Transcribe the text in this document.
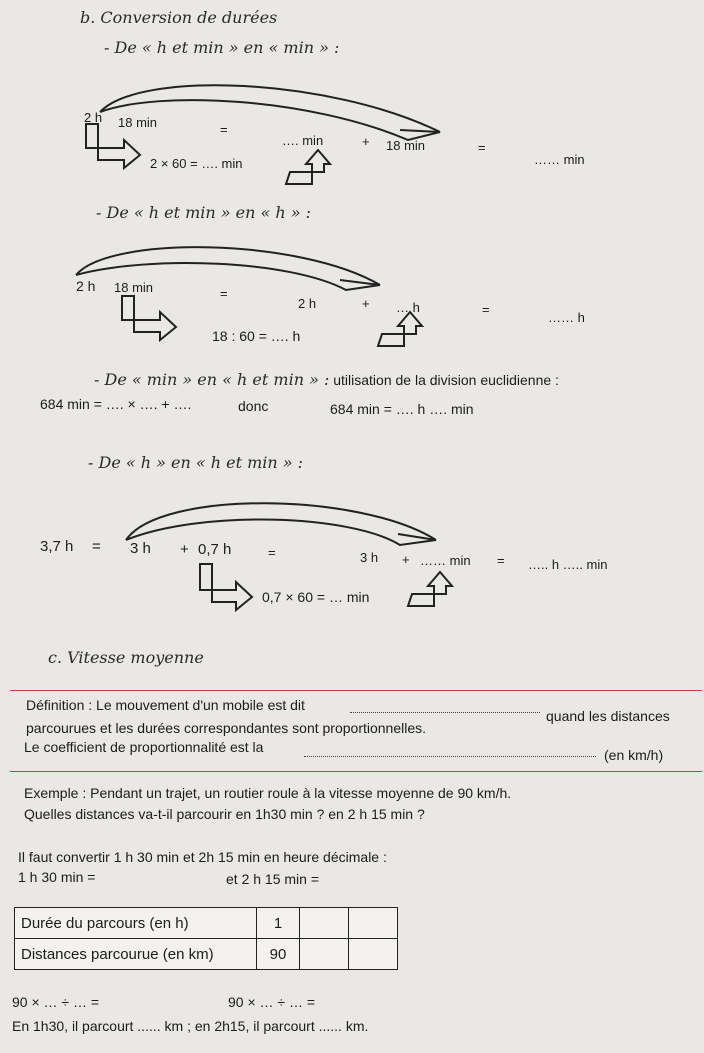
b. Conversion de durées
- De « h et min » en « min » :
2 h 18 min	=
…. min	+ 18 min	=
…… min
2 × 60 = …. min
- De « h et min » en « h » :
2 h 18 min	=
2 h	+ … h	=
…… h
18 : 60 = …. h
- De « min » en « h et min » : utilisation de la division euclidienne :
684 min = …. × …. + ….	donc	684 min = …. h …. min
- De « h » en « h et min » :
3,7 h = 3 h + 0,7 h	=	3 h + …… min = ….. h ….. min
0,7 × 60 = … min
c. Vitesse moyenne
Définition : Le mouvement d'un mobile est dit
quand les distances
parcourues et les durées correspondantes sont proportionnelles.
Le coefficient de proportionnalité est la	(en km/h)
Exemple : Pendant un trajet, un routier roule à la vitesse moyenne de 90 km/h.
Quelles distances va-t-il parcourir en 1h30 min ? en 2 h 15 min ?
Il faut convertir 1 h 30 min et 2h 15 min en heure décimale :
1 h 30 min =	et 2 h 15 min =
Durée du parcours (en h)	1		
Distances parcourue (en km)	90		
90 × … ÷ … =	90 × … ÷ … =
En 1h30, il parcourt ...... km ; en 2h15, il parcourt ...... km.
